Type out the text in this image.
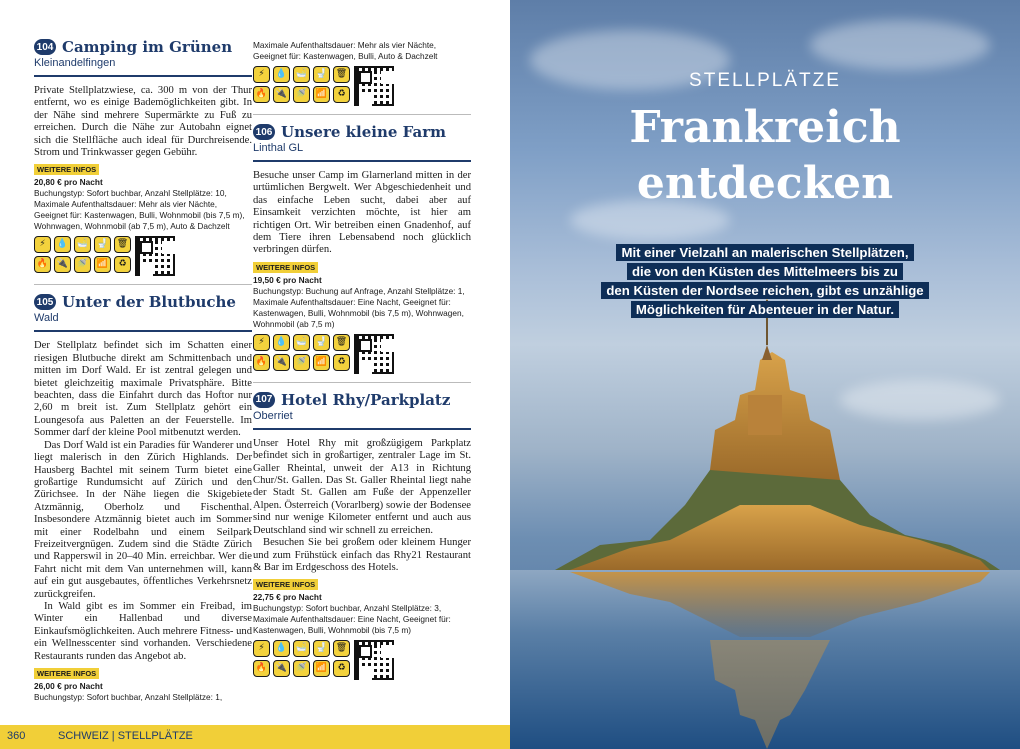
104 Camping im Grünen
Kleinandelfingen

Private Stellplatzwiese, ca. 300 m von der Thur entfernt, wo es einige Bademöglichkeiten gibt. In der Nähe sind mehrere Supermärkte zu Fuß zu erreichen. Durch die Nähe zur Autobahn eignet sich die Stellfläche auch ideal für Durchreisende. Strom und Trinkwasser gegen Gebühr.

WEITERE INFOS
20,80 € pro Nacht
Buchungstyp: Sofort buchbar, Anzahl Stellplätze: 10, Maximale Aufenthaltsdauer: Mehr als vier Nächte, Geeignet für: Kastenwagen, Bulli, Wohnmobil (bis 7,5 m), Wohnwagen, Wohnmobil (ab 7,5 m), Auto & Dachzelt
⚡	💧 🛁 🚽 🗑
🔥 🔌 🚿 📶	♻
105 Unter der Blutbuche
Wald

Der Stellplatz befindet sich im Schatten einer riesigen Blutbuche direkt am Schmittenbach und mitten im Dorf Wald. Er ist zentral gelegen und bietet gleichzeitig maximale Privatsphäre. Bitte beachten, dass die Einfahrt durch das Hoftor nur 2,60 m breit ist. Zum Stellplatz gehört ein Loungesofa aus Paletten an der Feuerstelle. Im Sommer darf der kleine Pool mitbenutzt werden.

Das Dorf Wald ist ein Paradies für Wanderer und liegt malerisch in den Zürich Highlands. Der Hausberg Bachtel mit seinem Turm bietet eine großartige Rundumsicht auf Zürich und den Zürichsee. In der Nähe liegen die Skigebiete Atzmännig, Oberholz und Fischenthal. Insbesondere Atzmännig bietet auch im Sommer mit einer Rodelbahn und einem Seilpark Freizeitvergnügen. Zudem sind die Städte Zürich und Rapperswil in 20–40 Min. erreichbar. Wer die Fahrt nicht mit dem Van unternehmen will, kann auf ein gut ausgebautes, öffentliches Verkehrsnetz zurückgreifen.

In Wald gibt es im Sommer ein Freibad, im Winter ein Hallenbad und diverse Einkaufsmöglichkeiten. Auch mehrere Fitness- und ein Wellnesscenter sind vorhanden. Verschiedene Restaurants runden das Angebot ab.

WEITERE INFOS
26,00 € pro Nacht
Buchungstyp: Sofort buchbar, Anzahl Stellplätze: 1,
Maximale Aufenthaltsdauer: Mehr als vier Nächte, Geeignet für: Kastenwagen, Bulli, Auto & Dachzelt
⚡	💧 🛁 🚽 🗑
🔥 🔌 🚿 📶	♻
106 Unsere kleine Farm
Linthal GL

Besuche unser Camp im Glarnerland mitten in der urtümlichen Bergwelt. Wer Abgeschiedenheit und das einfache Leben sucht, dabei aber auf Einsamkeit verzichten möchte, ist hier am richtigen Ort. Wir betreiben einen Gnadenhof, auf dem Tiere ihren Lebensabend noch glücklich verbringen dürfen.

WEITERE INFOS
19,50 € pro Nacht
Buchungstyp: Buchung auf Anfrage, Anzahl Stellplätze: 1, Maximale Aufenthaltsdauer: Eine Nacht, Geeignet für: Kastenwagen, Bulli, Wohnmobil (bis 7,5 m), Wohnwagen, Wohnmobil (ab 7,5 m)
⚡	💧 🛁 🚽 🗑
🔥 🔌 🚿 📶	♻
107 Hotel Rhy/Parkplatz
Oberriet

Unser Hotel Rhy mit großzügigem Parkplatz befindet sich in großartiger, zentraler Lage im St. Galler Rheintal, unweit der A13 in Richtung Chur/St. Gallen. Das St. Galler Rheintal liegt nahe der Stadt St. Gallen am Fuße der Appenzeller Alpen. Österreich (Vorarlberg) sowie der Bodensee sind nur wenige Kilometer entfernt und auch aus Deutschland sind wir schnell zu erreichen.

Besuchen Sie bei großem oder kleinem Hunger und zum Frühstück einfach das Rhy21 Restaurant & Bar im Erdgeschoss des Hotels.

WEITERE INFOS
22,75 € pro Nacht
Buchungstyp: Sofort buchbar, Anzahl Stellplätze: 3, Maximale Aufenthaltsdauer: Eine Nacht, Geeignet für: Kastenwagen, Bulli, Wohnmobil (bis 7,5 m)
⚡	💧 🛁 🚽 🗑
🔥 🔌 🚿 📶	♻
360	SCHWEIZ | STELLPLÄTZE
STELLPLÄTZE
Frankreich
entdecken
Mit einer Vielzahl an malerischen Stellplätzen,
die von den Küsten des Mittelmeers bis zu
den Küsten der Nordsee reichen, gibt es unzählige
Möglichkeiten für Abenteuer in der Natur.
